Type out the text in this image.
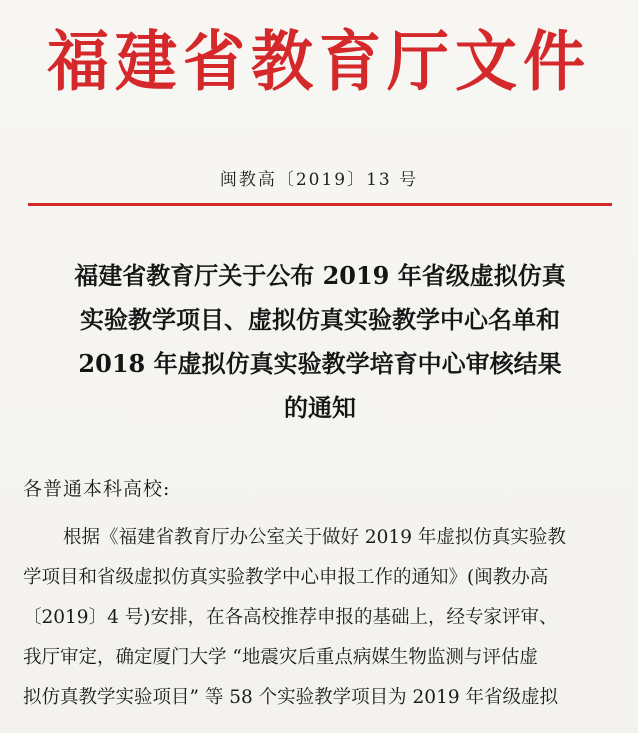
福建省教育厅文件
闽教高〔2019〕13 号
福建省教育厅关于公布 2019 年省级虚拟仿真
实验教学项目、虚拟仿真实验教学中心名单和
2018 年虚拟仿真实验教学培育中心审核结果
的通知
各普通本科高校:
根据《福建省教育厅办公室关于做好 2019 年虚拟仿真实验教
学项目和省级虚拟仿真实验教学中心申报工作的通知》(闽教办高
〔2019〕4 号)安排，在各高校推荐申报的基础上，经专家评审、
我厅审定，确定厦门大学 “地震灾后重点病媒生物监测与评估虚
拟仿真教学实验项目” 等 58 个实验教学项目为 2019 年省级虚拟
